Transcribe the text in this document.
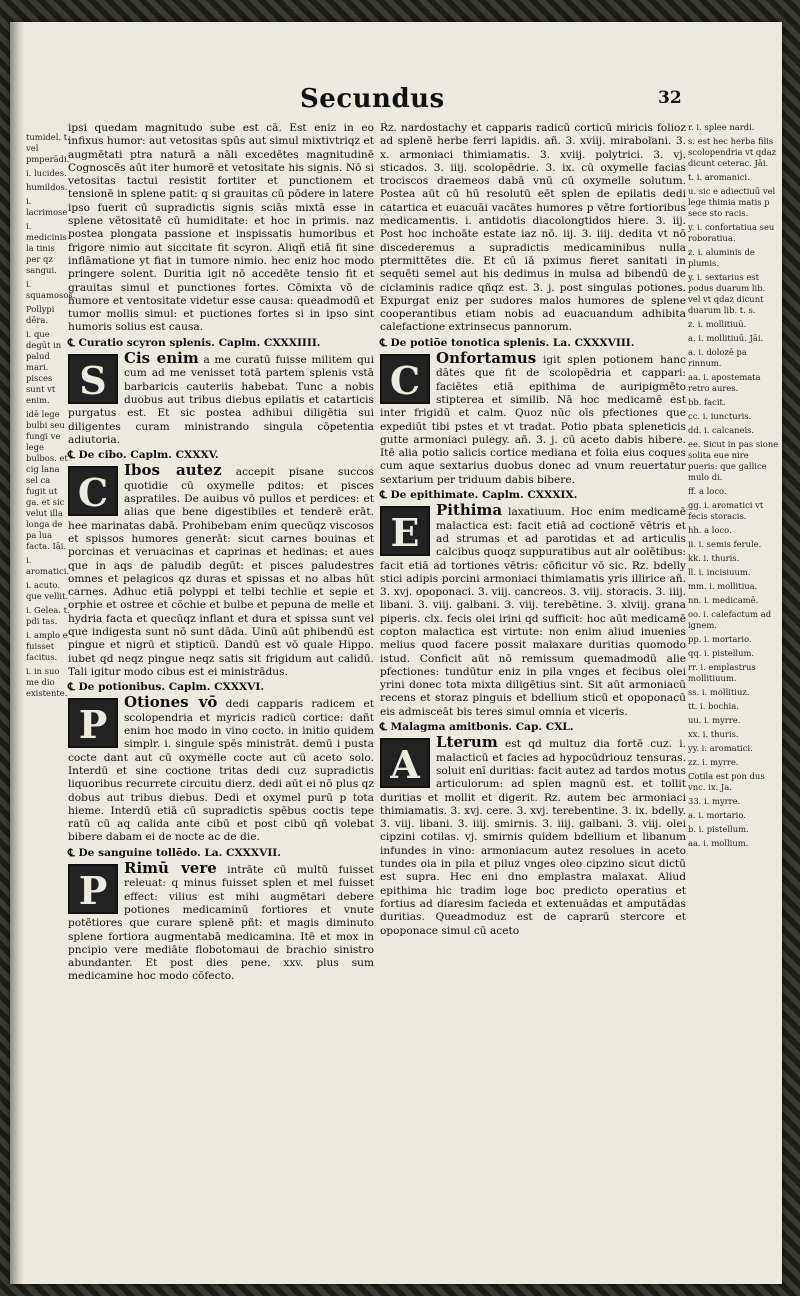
Secundus	32

tumidel. t. vel pmperādi.

i. lucides.

humildos.

i. lacrimose

i. medicinis la tinis per qz sangui.

i. squamosos.

Pollypi dēra.

i. que degūt in palud mari. pisces sunt vt enim.

idē lege bulbi seu fungi ve lege bulbos. et cig lana sel ca fugit ut ga. et sic velut illa longa de pa lua facta. Iāi.

i. aromatici.

i. acuto. que vellit.

i. Gelea. t. pdi tas.

i. amplo e fuisset facitus.

i. in suo me dio existente.

ipsi quedam magnitudo sube est cā. Est eniz in eo infixus humor: aut vetositas spūs aut simul mixtivtriqz et augmētati ptra naturā a nāli excedētes magnitudinē Cognoscēs aūt iter humorē et vetositate his signis. Nō si vetositas tactui resistit fortiter et punctionem et tensionē in splene patit: q si grauitas cū pōdere in latere ipso fuerit cū supradictis signis sciās mixtā esse in splene vētositatē cū humiditate: et hoc in primis. naz postea plongata passione et inspissatis humoribus et frigore nimio aut siccitate fit scyron. Aliqñ etiā fit sine inflāmatione yt fiat in tumore nimio. hec eniz hoc modo pringere solent. Duritia igit nō accedēte tensio fit et grauitas simul et punctiones fortes. Cōmixta vō de humore et ventositate videtur esse causa: queadmodū et tumor mollis simul: et puctiones fortes si in ipso sint humoris solius est causa.

℄ Curatio scyron splenis. Caplm. CXXXIIII.

S	Cis enim a me curatū fuisse militem qui cum ad me venisset totā partem splenis vstā barbaricis cauteriis habebat. Tunc a nobis duobus aut tribus diebus epilatis et catarticis purgatus est. Et sic postea adhibui diligētia sui diligentes curam ministrando singula cōpetentia adiutoria.

℄ De cibo. Caplm. CXXXV.

C	Ibos autez accepit pisane succos quotidie cū oxymelle pditos: et pisces aspratiles. De auibus vō pullos et perdices: et alias que bene digestibiles et tenderē erāt. hee marinatas dabā. Prohibebam enim quecūqz viscosos et spissos humores generāt: sicut carnes bouinas et porcinas et veruacinas et caprinas et hedinas: et aues que in aqs de paludib degūt: et pisces paludestres omnes et pelagicos qz duras et spissas et no albas hūt carnes. Adhuc etiā polyppi et telbi techlie et sepie et orphie et ostree et cōchie et bulbe et pepuna de melle et hydria facta et quecūqz inflant et dura et spissa sunt vel que indigesta sunt nō sunt dāda. Uinū aūt phibendū est pingue et nigrū et stipticū. Dandū est vō quale Hippo. iubet qd neqz pingue neqz satis sit frigidum aut calidū. Tali igitur modo cibus est ei ministrādus.

℄ De potionibus. Caplm. CXXXVI.

P	Otiones vō dedi capparis radicem et scolopendria et myricis radicū cortice: dañt enim hoc modo in vino cocto. in initio quidem simplr. i. singule spēs ministrāt. demū i pusta cocte dant aut cū oxymelle cocte aut cū aceto solo. Interdū et sine coctione tritas dedi cuz supradictis liquoribus recurrete circuitu dierz. dedi aūt ei nō plus qz dobus aut tribus diebus. Dedi et oxymel purū p tota hieme. Interdū etiā cū supradictis spēbus coctis tepe ratū cū aq calida ante cibū et post cibū qñ volebat bibere dabam ei de nocte ac de die.

℄ De sanguine tollēdo. La. CXXXVII.

P	Rimū vere intrāte cū multū fuisset releuat: q minus fuisset splen et mel fuisset effect: vilius est mihi augmētari debere potiones medicaminū fortiores et vnute potētiores que curare splenē pñt: et magis diminuto splene fortiora augmentabā medicamina. Itē et mox in pncipio vere mediāte flobotomaui de brachio sinistro abundanter. Et post dies pene. xxv. plus sum medicamine hoc modo cōfecto.

Rz. nardostachy et capparis radicū corticū miricis folioz ad splenē herbe ferri lapidis. añ. 3. xviij. mirabolani. 3. x. armoniaci thimiamatis. 3. xviij. polytrici. 3. vj. sticados. 3. iiij. scolopēdrie. 3. ix. cū oxymelle facias trociscos draemeos dabā vnū cū oxymelle solutum. Postea aūt cū hū resolutū eēt splen de epilatis dedi catartica et euacuāi vacātes humores p vētre fortioribus medicamentis. i. antidotis diacolongtidos hiere. 3. iij. Post hoc inchoāte estate iaz nō. iij. 3. iiij. dedita vt nō discederemus a supradictis medicaminibus nulla ptermittētes die. Et cū iā pximus fieret sanitati in sequēti semel aut his dedimus in mulsa ad bibendū de ciclaminis radice qñqz est. 3. j. post singulas potiones. Expurgat eniz per sudores malos humores de splene cooperantibus etiam nobis ad euacuandum adhibita calefactione extrinsecus pannorum.

℄ De potiōe tonotica splenis. La. CXXXVIII.

C	Onfortamus igit splen potionem hanc dātes que fit de scolopēdria et cappari: faciētes etiā epithima de auripigmēto stipterea et similib. Nā hoc medicamē est inter frigidū et calm. Quoz nūc oīs pfectiones que expediūt tibi pstes et vt tradat. Potio pbata spleneticis gutte armoniaci pulegy. añ. 3. j. cū aceto dabis hibere. Itē alia potio salicis cortice mediana et folia eius coques cum aque sextarius duobus donec ad vnum reuertatur sextarium per triduum dabis bibere.

℄ De epithimate. Caplm. CXXXIX.

E	Pithima laxatiuum. Hoc enim medicamē malactica est: facit etiā ad coctionē vētris et ad strumas et ad parotidas et ad articulis calcibus quoqz suppuratibus aut alr oolētibus: facit etiā ad tortiones vētris: cōficitur vō sic. Rz. bdelly stici adipis porcini armoniaci thimiamatis yris illirice añ. 3. xvj. opoponaci. 3. viij. cancreos. 3. viij. storacis. 3. iiij. libani. 3. viij. galbani. 3. viij. terebētine. 3. xlviij. grana piperis. clx. fecis olei irini qd sufficit: hoc aūt medicamē copton malactica est virtute: non enim aliud inuenies melius quod facere possit malaxare duritias quomodo istud. Conficit aūt nō remissum quemadmodū alie pfectiones: tundūtur eniz in pila vnges et fecibus olei yrini donec tota mixta diligētius sint. Sit aūt armoniacū recens et storaz pinguis et bdellium sticū et opoponacū eis admisceāt bis teres simul omnia et viceris.

℄ Malagma amitbonis. Cap. CXL.

A	Lterum est qd multuz dia fortē cuz. i. malacticū et facies ad hypocūdriouz tensuras. soluit enī duritias: facit autez ad tardos motus articulorum: ad splen magnū est. et tollit duritias et mollit et digerit. Rz. autem bec armoniaci thimiamatis. 3. xvj. cere. 3. xvj. terebentine. 3. ix. bdelly. 3. viij. libani. 3. iiij. smirnis. 3. iiij. galbani. 3. viij. olei cipzini cotilas. vj. smirnis quidem bdellium et libanum infundes in vino: armoniacum autez resolues in aceto tundes oia in pila et piluz vnges oleo cipzino sicut dictū est supra. Hec eni dno emplastra malaxat. Aliud epithima hic tradim loge boc predicto operatius et fortius ad diaresim facieda et extenuādas et amputādas duritias. Queadmoduz est de caprarū stercore et opoponace simul cū aceto

r. i. splee nardi.

s. est hec herba filis scolopendria vt qdaz dicunt ceterac. Jāi.

t. i. aromanici.

u. sic e adiectiuū vel lege thimia matis p sece sto racis.

y. i. confortatiua seu roboratiua.

z. i. aluminis de plumis.

y. i. sextarius est podus duarum lib. vel vt qdaz dicunt duarum lib. t. s.

z. i. mollitiuū.

a. i. mollitiuū. Jāi.

a. i. dolozē pa rinnum.

aa. i. apostemata retro aures.

bb. facit.

cc. i. iuncturis.

dd. i. calcaneis.

ee. Sicut in pas sione solita eue nire pueris: que gallice mulo di.

ff. a loco.

gg. i. aromatici vt fecis storacis.

hh. a loco.

ii. i. semis ferule.

kk. i. thuris.

ll. i. incisiuum.

mm. i. mollitiua.

nn. i. medicamē.

oo. i. calefactum ad ignem.

pp. i. mortario.

qq. i. pistellum.

rr. i. emplastrus mollitiuum.

ss. i. mollitiuz.

tt. i. bochia.

uu. i. myrre.

xx. i. thuris.

yy. i. aromatici.

zz. i. myrre.

Cotila est pon dus vnc. ix. Ja.

33. i. myrre.

a. i. mortario.

b. i. pistellum.

aa. i. mollium.
